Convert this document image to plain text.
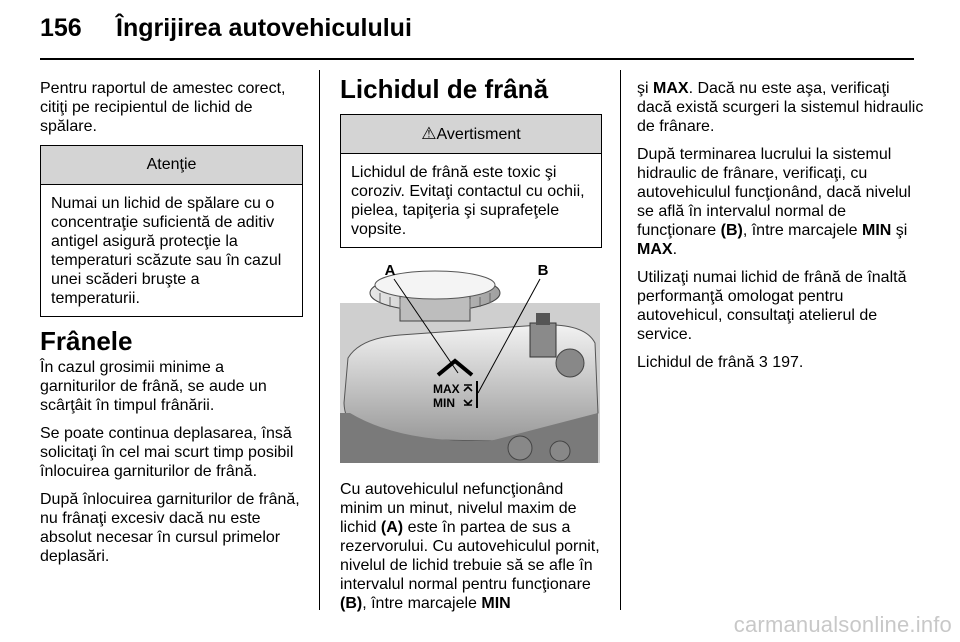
156 Îngrijirea autovehiculului

Pentru raportul de amestec corect, citiţi pe recipientul de lichid de spălare.

Atenţie
Numai un lichid de spălare cu o concentraţie suficientă de aditiv antigel asigură protecţie la temperaturi scăzute sau în cazul unei scăderi bruşte a temperaturii.
Frânele

În cazul grosimii minime a garniturilor de frână, se aude un scârţâit în timpul frânării.

Se poate continua deplasarea, însă solicitaţi în cel mai scurt timp posibil înlocuirea garniturilor de frână.

După înlocuirea garniturilor de frână, nu frânaţi excesiv dacă nu este absolut necesar în cursul primelor deplasări.

Lichidul de frână
⚠Avertisment
Lichidul de frână este toxic şi coroziv. Evitaţi contactul cu ochii, pielea, tapiţeria şi suprafeţele vopsite.
A	B
MAX
MIN

Cu autovehiculul nefuncţionând minim un minut, nivelul maxim de lichid (A) este în partea de sus a rezervorului. Cu autovehiculul pornit, nivelul de lichid trebuie să se afle în intervalul normal pentru funcţionare (B), între marcajele MIN

şi MAX. Dacă nu este aşa, verificaţi dacă există scurgeri la sistemul hidraulic de frânare.

După terminarea lucrului la sistemul hidraulic de frânare, verificaţi, cu autovehiculul funcţionând, dacă nivelul se află în intervalul normal de funcţionare (B), între marcajele MIN şi MAX.

Utilizaţi numai lichid de frână de înaltă performanţă omologat pentru autovehicul, consultaţi atelierul de service.

Lichidul de frână 3 197.

carmanualsonline.info
